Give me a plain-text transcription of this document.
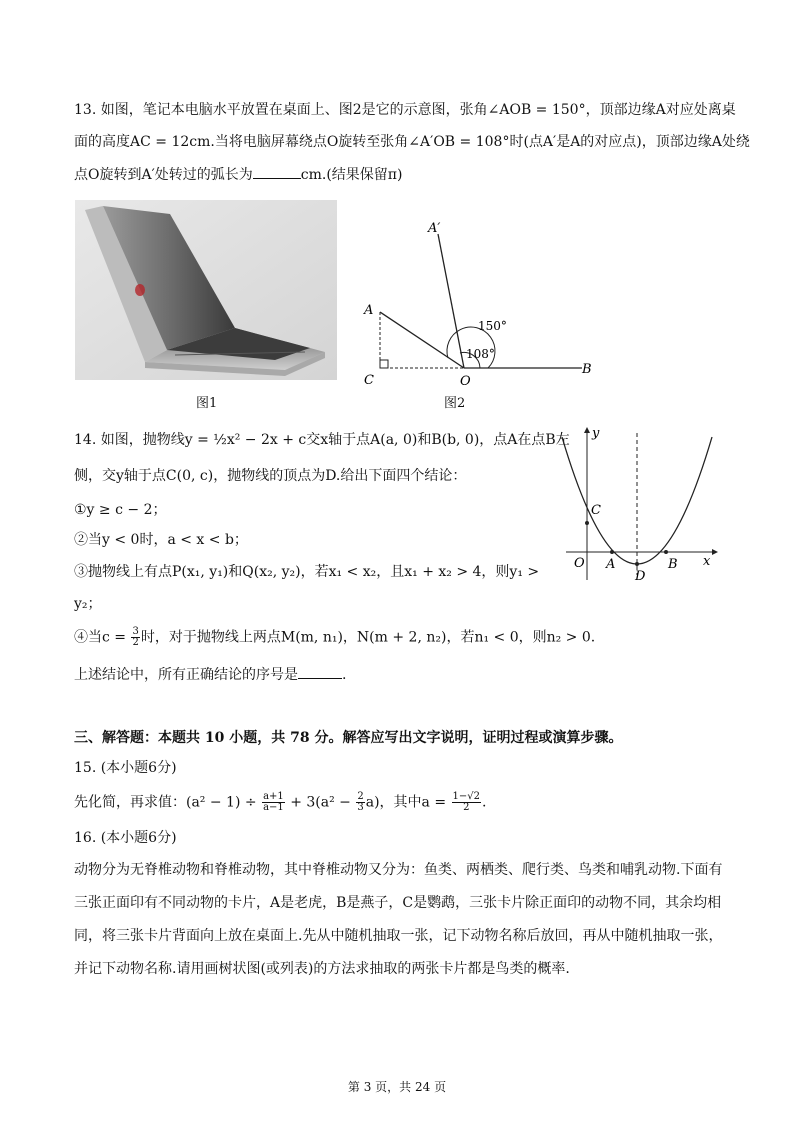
13. 如图，笔记本电脑水平放置在桌面上、图2是它的示意图，张角∠AOB = 150°，顶部边缘A对应处离桌
面的高度AC = 12cm.当将电脑屏幕绕点O旋转至张角∠A′OB = 108°时(点A′是A的对应点)，顶部边缘A处绕
点O旋转到A′处转过的弧长为	cm.(结果保留π)
图1
A
A′
C	O
B
150°
108°
图2
14. 如图，抛物线y = ½x² − 2x + c交x轴于点A(a, 0)和B(b, 0)，点A在点B左
侧，交y轴于点C(0, c)，抛物线的顶点为D.给出下面四个结论：
①y ≥ c − 2；
②当y < 0时，a < x < b；
③抛物线上有点P(x₁, y₁)和Q(x₂, y₂)，若x₁ < x₂，且x₁ + x₂ > 4，则y₁ >
y₂；
④当$c = \frac{3}{2}$ 时，对于抛物线上两点M(m, n₁)，N(m + 2, n₂)，若n₁ < 0，则n₂ > 0.
上述结论中，所有正确结论的序号是	.
y
x
O A	B
C
D
三、解答题：本题共 10 小题，共 78 分。解答应写出文字说明，证明过程或演算步骤。
15. (本小题6分)
先化简，再求值：$(a^2 - 1) \div \frac{a+1}{a-1} + 3(a^2 - \frac{2}{3} a)$，其中$a = \frac{1-√2}{2}$ .
16. (本小题6分)
动物分为无脊椎动物和脊椎动物，其中脊椎动物又分为：鱼类、两栖类、爬行类、鸟类和哺乳动物.下面有
三张正面印有不同动物的卡片，A是老虎，B是燕子，C是鹦鹉，三张卡片除正面印的动物不同，其余均相
同，将三张卡片背面向上放在桌面上.先从中随机抽取一张，记下动物名称后放回，再从中随机抽取一张，
并记下动物名称.请用画树状图(或列表)的方法求抽取的两张卡片都是鸟类的概率.
第 3 页，共 24 页
